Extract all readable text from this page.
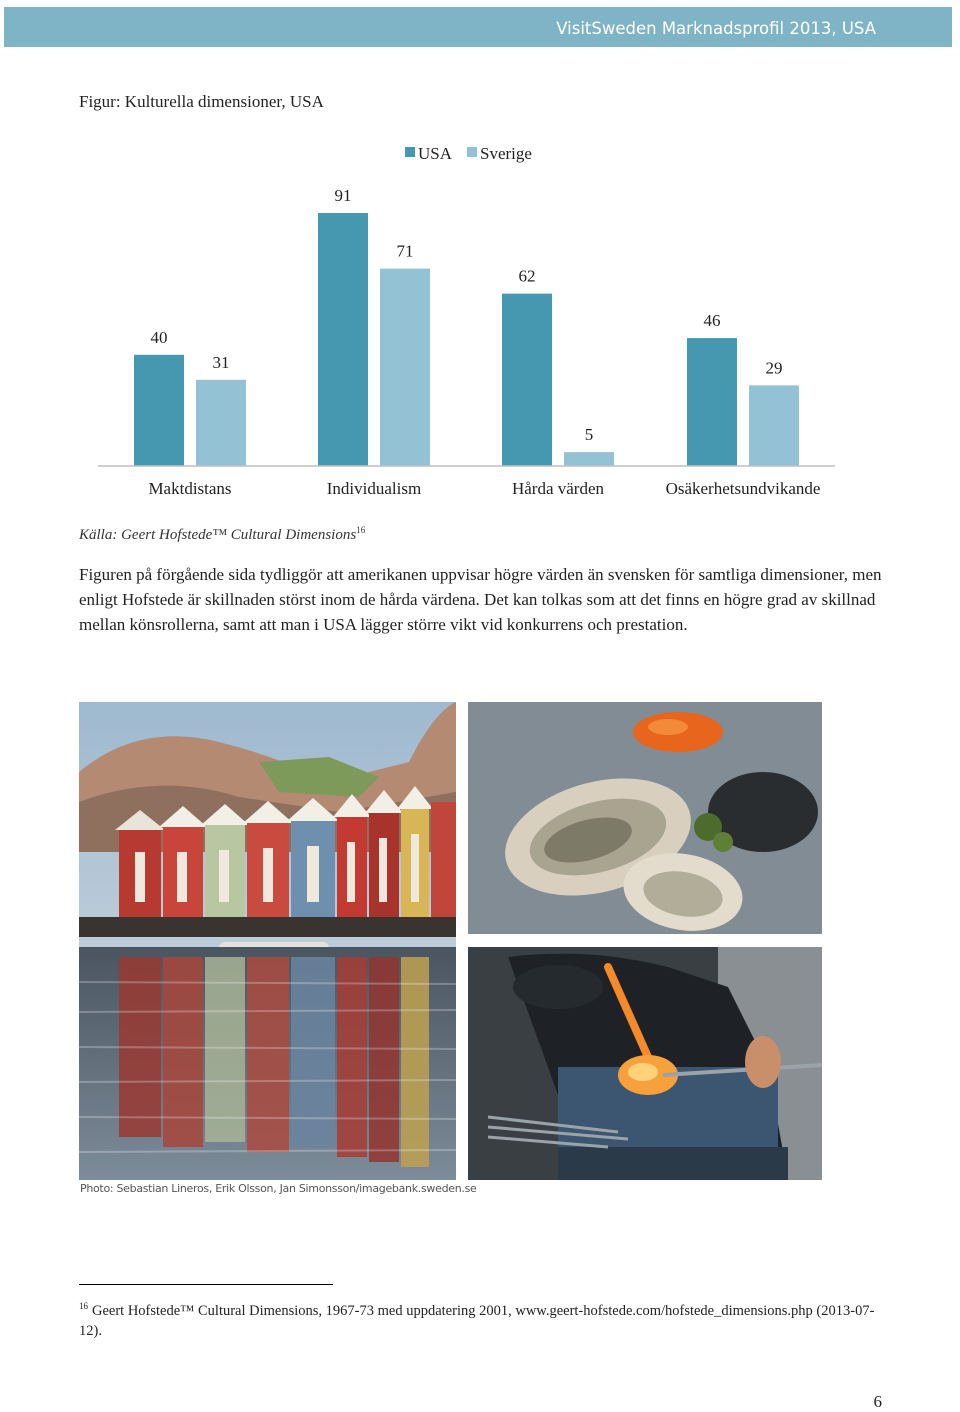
VisitSweden Marknadsprofil 2013, USA
Figur: Kulturella dimensioner, USA
USA Sverige
40
31
Maktdistans
91
71
Individualism
62
5
Hårda värden
46
29
Osäkerhetsundvikande
Källa: Geert Hofstede™ Cultural Dimensions$^{16}$
Figuren på förgående sida tydliggör att amerikanen uppvisar högre värden än svensken för samtliga dimensioner, men enligt Hofstede är skillnaden störst inom de hårda värdena. Det kan tolkas som att det finns en högre grad av skillnad mellan könsrollerna, samt att man i USA lägger större vikt vid konkurrens och prestation.
Photo: Sebastian Lineros, Erik Olsson, Jan Simonsson/imagebank.sweden.se
$^{16}$ Geert Hofstede™ Cultural Dimensions, 1967-73 med uppdatering 2001, www.geert-hofstede.com/hofstede_dimensions.php (2013-07-12).
6
